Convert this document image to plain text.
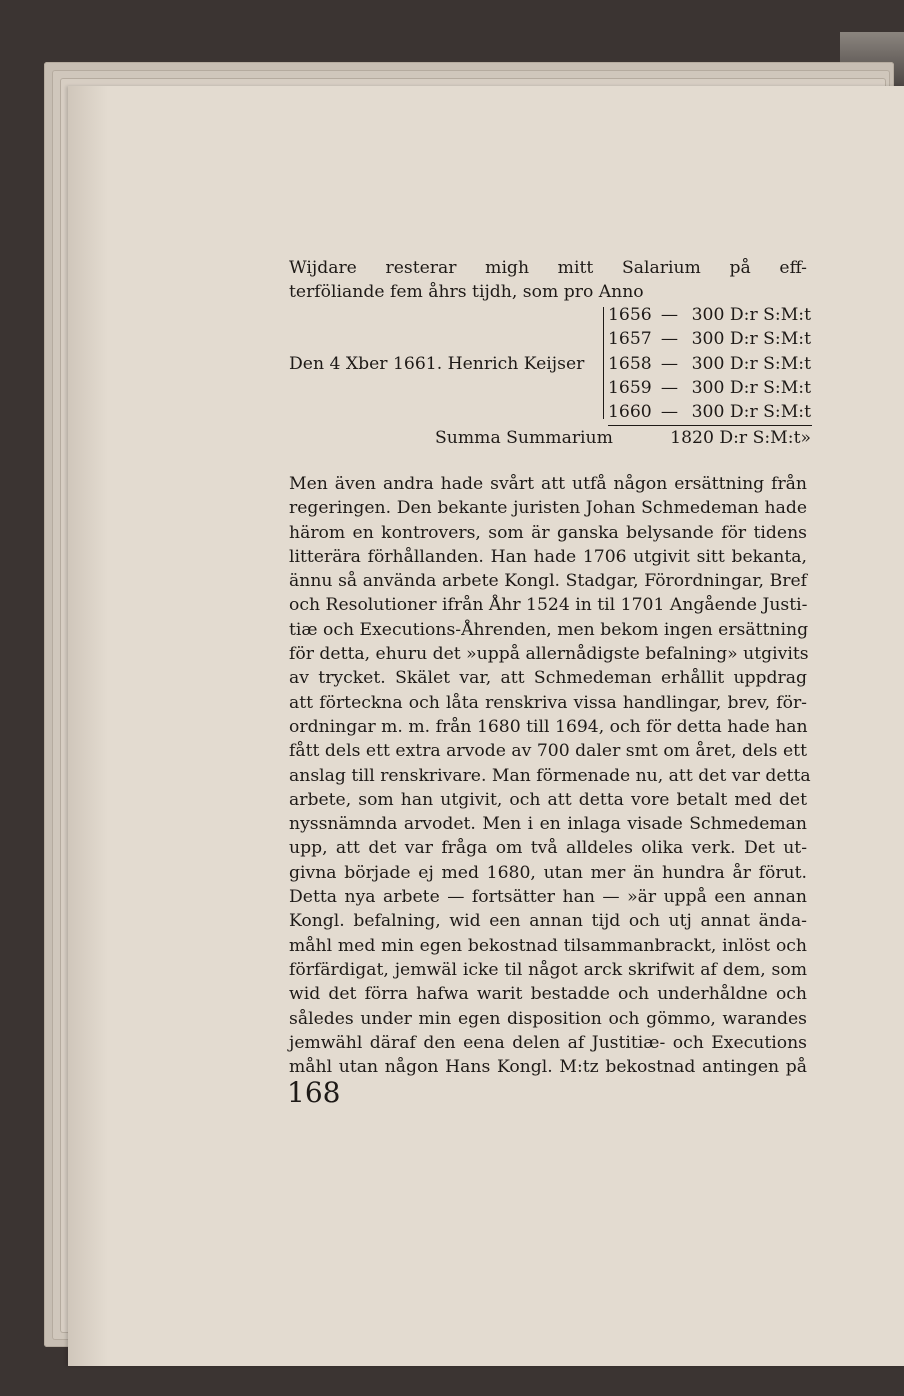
Wijdare resterar migh mitt Salarium på eff-
terföliande fem åhrs tijdh, som pro Anno
Den 4 Xber 1661. Henrich Keijser
1656 — 300 D:r S:M:t
1657 — 300 D:r S:M:t
1658 — 300 D:r S:M:t
1659 — 300 D:r S:M:t
1660 — 300 D:r S:M:t
Summa Summarium	1820 D:r S:M:t»
Men även andra hade svårt att utfå någon ersättning från
regeringen. Den bekante juristen Johan Schmedeman hade
härom en kontrovers, som är ganska belysande för tidens
litterära förhållanden. Han hade 1706 utgivit sitt bekanta,
ännu så använda arbete Kongl. Stadgar, Förordningar, Bref
och Resolutioner ifrån Åhr 1524 in til 1701 Angående Justi-
tiæ och Executions-Åhrenden, men bekom ingen ersättning
för detta, ehuru det »uppå allernådigste befalning» utgivits
av trycket. Skälet var, att Schmedeman erhållit uppdrag
att förteckna och låta renskriva vissa handlingar, brev, för-
ordningar m. m. från 1680 till 1694, och för detta hade han
fått dels ett extra arvode av 700 daler smt om året, dels ett
anslag till renskrivare. Man förmenade nu, att det var detta
arbete, som han utgivit, och att detta vore betalt med det
nyssnämnda arvodet. Men i en inlaga visade Schmedeman
upp, att det var fråga om två alldeles olika verk. Det ut-
givna började ej med 1680, utan mer än hundra år förut.
Detta nya arbete — fortsätter han — »är uppå een annan
Kongl. befalning, wid een annan tijd och utj annat ända-
måhl med min egen bekostnad tilsammanbrackt, inlöst och
förfärdigat, jemwäl icke til något arck skrifwit af dem, som
wid det förra hafwa warit bestadde och underhåldne och
således under min egen disposition och gömmo, warandes
jemwähl däraf den eena delen af Justitiæ- och Executions
måhl utan någon Hans Kongl. M:tz bekostnad antingen på
168
